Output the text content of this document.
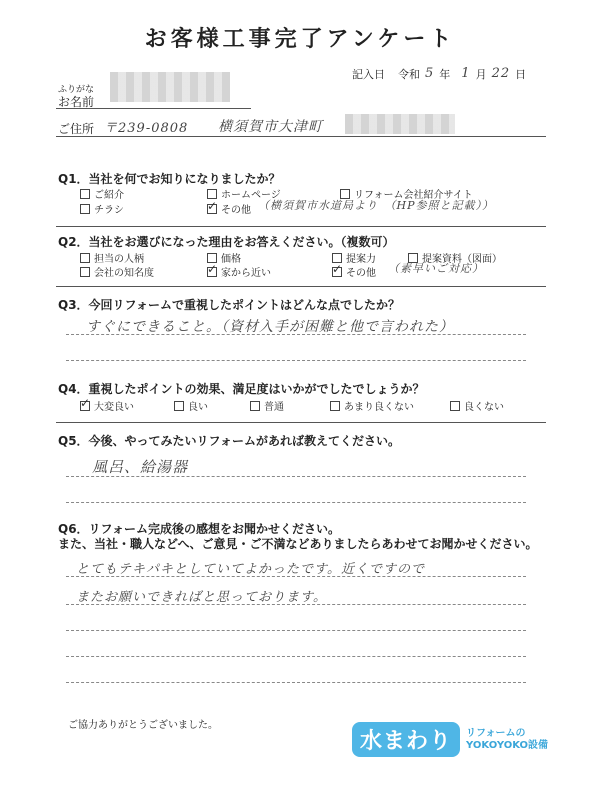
お客様工事完了アンケート
記入日 令和 5 年 1 月 22 日
ふりがな
お名前
ご住所 〒239-0808 横須賀市大津町
Q1．当社を何でお知りになりましたか？
ご紹介	ホームページ	リフォーム会社紹介サイト
チラシ ✓	その他 （横須賀市水道局より　（HP参照と記載））
Q2．当社をお選びになった理由をお答えください。（複数可）
担当の人柄	価格	提案力	提案資料（図面）
会社の知名度 ✓	家から近い ✓	その他 （素早いご対応）
Q3．今回リフォームで重視したポイントはどんな点でしたか？
すぐにできること。（資材入手が困難と他で言われた）
Q4．重視したポイントの効果、満足度はいかがでしたでしょうか？
✓
大変良い	良い	普通	あまり良くない	良くない
Q5．今後、やってみたいリフォームがあれば教えてください。
風呂、給湯器
Q6．リフォーム完成後の感想をお聞かせください。
また、当社・職人などへ、ご意見・ご不満などありましたらあわせてお聞かせください。
とてもテキパキとしていてよかったです。近くですので
またお願いできればと思っております。
ご協力ありがとうございました。
水まわり	リフォームの
YOKOYOKO設備
